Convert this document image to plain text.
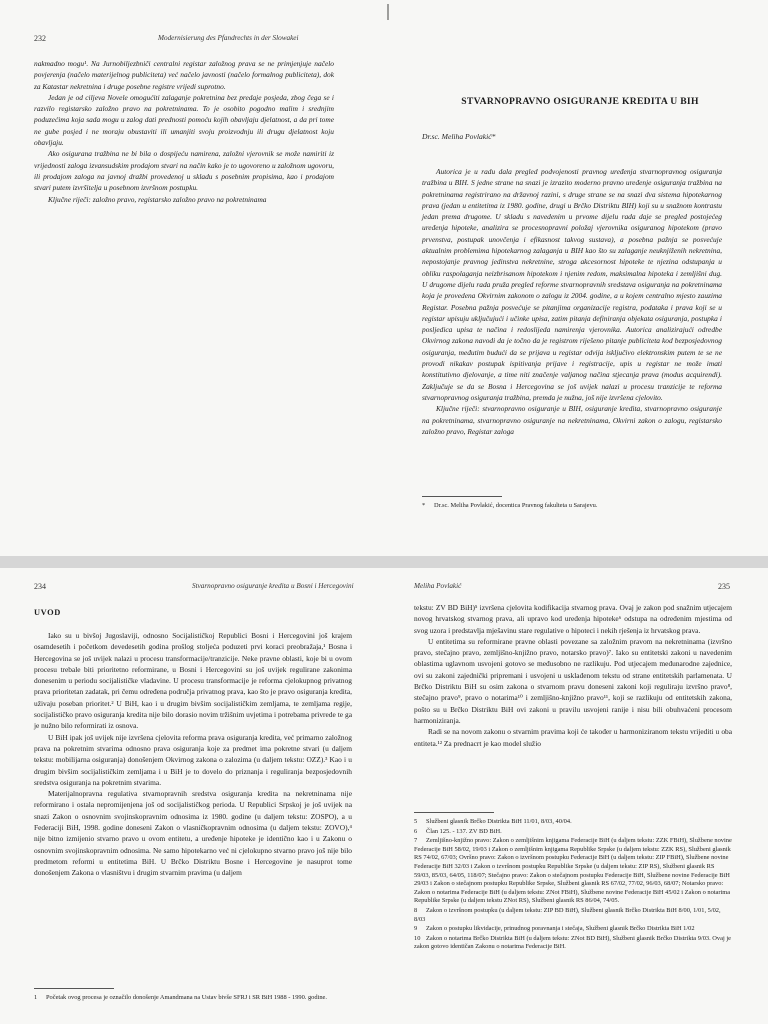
232	Modernisierung des Pfandrechts in der Slowakei

nakmadno mogu¹. Na Jurnobiljezbniči centralni registar založnog prava se ne primjenjuje načelo povjerenja (načelo materijelnog publiciteta) već načelo javnosti (načelo formalnog publiciteta), dok za Katastar nekretnina i druge posebne registre vrijedi suprotno.

Jedan je od ciljeva Novele omogućiti zalaganje pokretnina bez predaje posjeda, zbog čega se i razvilo registarsko založno pravo na pokretninama. To je osobito pogodno malim i srednjim poduzećima koja sada mogu u zalog dati prednosti pomoću kojih obavljaju djelatnost, a da pri tome ne gube posjed i ne moraju obustaviti ili umanjiti svoju proizvodnju ili drugu djelatnost koju obavljaju.

Ako osigurana tražbina ne bi bila o dospijeću namirena, založni vjerovnik se može namiriti iz vrijednosti zaloga izvansudskim prodajom stvari na način kako je to ugovoreno u založnom ugovoru, ili prodajom zaloga na javnoj dražbi provedenoj u skladu s posebnim propisima, kao i prodajom stvari putem izvršitelja u posebnom izvršnom postupku.

Ključne riječi: založno pravo, registarsko založno pravo na pokretninama

STVARNOPRAVNO OSIGURANJE KREDITA U BIH
Dr.sc. Meliha Povlakić*

Autorica je u radu dala pregled podvojenosti pravnog uređenja stvarnopravnog osiguranja tražbina u BIH. S jedne strane na snazi je izrazito moderno pravno uređenje osiguranja tražbina na pokretninama registrirano na državnoj razini, s druge strane se na snazi dva sistema hipotekarnog prava (jedan u entitetima iz 1980. godine, drugi u Brčko Distriktu BIH) koji su u snažnom kontrastu jedan prema drugome. U skladu s navedenim u prvome dijelu rada daje se pregled postojećeg uređenja hipoteke, analizira se procesnopravni položaj vjerovnika osiguranog hipotekom (pravo prvenstva, postupak unovčenja i efikasnost takvog sustava), a posebna pažnja se posvećuje aktualnim problemima hipotekarnog zalaganja u BIH kao što su zalaganje neuknjiženih nekretnina, nepostojanje pravnog jedinstva nekretnine, stroga akcesornost hipoteke te njezina odstupanja u obliku raspolaganja neizbrisanom hipotekom i njenim redom, maksimalna hipoteka i zemljišni dug. U drugome dijelu rada pruža pregled reforme stvarnopravnih sredstava osiguranja na pokretninama koja je provedena Okvirnim zakonom o zalogu iz 2004. godine, a u kojem centralno mjesto zauzima Registar. Posebna pažnja posvećuje se pitanjima organizacije registra, podataka i prava koji se u registar upisuju uključujući i učinke upisa, zatim pitanja definiranja objekata osiguranja, postupka i posljedica upisa te načina i redoslijeda namirenja vjerovnika. Autorica analizirajući odredbe Okvirnog zakona navodi da je točno da je registrom riješeno pitanje publiciteta kod bezposjedovnog osiguranja, međutim budući da se prijava u registar odvija isključivo elektronskim putem te se ne provodi nikakav postupak ispitivanja prijave i registracije, upis u registar ne može imati konstitutivno djelovanje, a time niti značenje valjanog načina stjecanja prava (modus acquirendi). Zaključuje se da se Bosna i Hercegovina se još uvijek nalazi u procesu tranzicije te reforma stvarnopravnog osiguranja tražbina, premda je nužna, još nije izvršena cjelovito.

Ključne riječi: stvarnopravno osiguranje u BIH, osiguranje kredita, stvarnopravno osiguranje na pokretninama, stvarnopravno osiguranje na nekretninama, Okvirni zakon o zalogu, registarsko založno pravo, Registar zaloga

* Dr.sc. Meliha Povlakić, docentica Pravnog fakulteta u Sarajevu.

234	Stvarnopravno osiguranje kredita u Bosni i Hercegovini
UVOD

Iako su u bivšoj Jugoslaviji, odnosno Socijalističkoj Republici Bosni i Hercegovini još krajem osamdesetih i početkom devedesetih godina prošlog stoljeća poduzeti prvi koraci preobražaja,¹ Bosna i Hercegovina se još uvijek nalazi u procesu transformacije/tranzicije. Neke pravne oblasti, koje bi u ovom procesu trebale biti prioritetno reformirane, u Bosni i Hercegovini su još uvijek regulirane zakonima donesenim u periodu socijalističke vladavine. U procesu transformacije je reforma cjelokupnog privatnog prava prioritetan zadatak, pri čemu određena područja privatnog prava, kao što je pravo osiguranja kredita, uživaju poseban prioritet.² U BiH, kao i u drugim bivšim socijalističkim zemljama, te zemljama regije, socijalističko pravo osiguranja kredita nije bilo dorasio novim tržišnim uvjetima i potrebama privrede te ga je nužno bilo reformirati iz osnova.

U BiH ipak još uvijek nije izvršena cjelovita reforma prava osiguranja kredita, već primarno založnog prava na pokretnim stvarima odnosno prava osiguranja koje za predmet ima pokretne stvari (u daljem tekstu: mobilijarna osiguranja) donošenjem Okvirnog zakona o zalozima (u daljem tekstu: OZZ).³ Kao i u drugim bivšim socijalističkim zemljama i u BiH je to dovelo do priznanja i reguliranja bezposjedovnih sredstva osiguranja na pokretnim stvarima.

Materijalnopravna regulativa stvarnopravnih sredstva osiguranja kredita na nekretninama nije reformirano i ostala nepromijenjena još od socijalističkog perioda. U Republici Srpskoj je još uvijek na snazi Zakon o osnovnim svojinskopravnim odnosima iz 1980. godine (u daljem tekstu: ZOSPO), a u Federaciji BiH, 1998. godine doneseni Zakon o vlasničkopravnim odnosima (u daljem tekstu: ZOVO),⁴ nije bitno izmijenio stvarno pravo u ovom entitetu, a uređenje hipoteke je identično kao i u Zakonu o osnovnim svojinskopravnim odnosima. Ne samo hipotekarno već ni cjelokupno stvarno pravo još nije bilo predmetom reformi u entitetima BiH. U Brčko Distriktu Bosne i Hercegovine je nasuprot tome donošenjem Zakona o vlasništvu i drugim stvarnim pravima (u daljem

1 Početak ovog procesa je označilo donošenje Amandmana na Ustav bivše SFRJ i SR BiH 1988 - 1990. godine.

Meliha Povlakić	235

tekstu: ZV BD BiH)⁵ izvršena cjelovita kodifikacija stvarnog prava. Ovaj je zakon pod snažnim utjecajem novog hrvatskog stvarnog prava, ali upravo kod uređenja hipoteke⁶ odstupa na određenim mjestima od svog uzora i predstavlja mješavinu stare regulative o hipoteci i nekih rješenja iz hrvatskog prava.

U entitetima su reformirane pravne oblasti povezane sa založnim pravom na nekretninama (izvršno pravo, stečajno pravo, zemljišno-knjižno pravo, notarsko pravo)⁷. Iako su entitetski zakoni u navedenim oblastima uglavnom usvojeni gotovo se međusobno ne razlikuju. Pod utjecajem međunarodne zajednice, ovi su zakoni zajednički pripremani i usvojeni u usklađenom tekstu od strane entitetskih parlamenata. U Brčko Distriktu BiH su osim zakona o stvarnom pravu doneseni zakoni koji reguliraju izvršno pravo⁸, stečajno pravo⁹, pravo o notarima¹⁰ i zemljišno-knjižno pravo¹¹, koji se razlikuju od entitetskih zakona, pošto su u Brčko Distriktu BiH ovi zakoni u pravilu usvojeni ranije i nisu bili obuhvaćeni procesom harmoniziranja.

Radi se na novom zakonu o stvarnim pravima koji će također u harmoniziranom tekstu vrijediti u oba entiteta.¹² Za prednacrt je kao model služio

5 Službeni glasnik Brčko Distrikta BiH 11/01, 8/03, 40/04.

6 Član 125. - 137. ZV BD BiH.

7 Zemljišno-knjižno pravo: Zakon o zemljišnim knjigama Federacije BiH (u daljem tekstu: ZZK FBiH), Službene novine Federacije BiH 58/02, 19/03 i Zakon o zemljišnim knjigama Republike Srpske (u daljem tekstu: ZZK RS), Službeni glasnik RS 74/02, 67/03; Ovršno pravo: Zakon o izvršnom postupku Federacije BiH (u daljem tekstu: ZIP FBiH), Službene novine Federacije BiH 32/03 i Zakon o izvršnom postupku Republike Srpske (u daljem tekstu: ZIP RS), Službeni glasnik RS 59/03, 85/03, 64/05, 118/07; Stečajno pravo: Zakon o stečajnom postupku Federacije BiH, Službene novine Federacije BiH 29/03 i Zakon o stečajnom postupku Republike Srpske, Službeni glasnik RS 67/02, 77/02, 96/03, 68/07; Notarsko pravo: Zakon o notarima Federacije BiH (u daljem tekstu: ZNot FBiH), Službene novine Federacije BiH 45/02 i Zakon o notarima Republike Srpske (u daljem tekstu ZNot RS), Službeni glasnik RS 86/04, 74/05.

8 Zakon o izvršnom postupku (u daljem tekstu: ZIP BD BiH), Službeni glasnik Brčko Distrikta BiH 8/00, 1/01, 5/02, 8/03

9 Zakon o postupku likvidacije, prinudnog poravnanja i stečaja, Službeni glasnik Brčko Distrikta BiH 1/02

10 Zakon o notarima Brčko Distrikta BiH (u daljem tekstu: ZNot BD BiH), Službeni glasnik Brčko Distrikta 9/03. Ovaj je zakon gotovo identičan Zakonu o notarima Federacije BiH.
